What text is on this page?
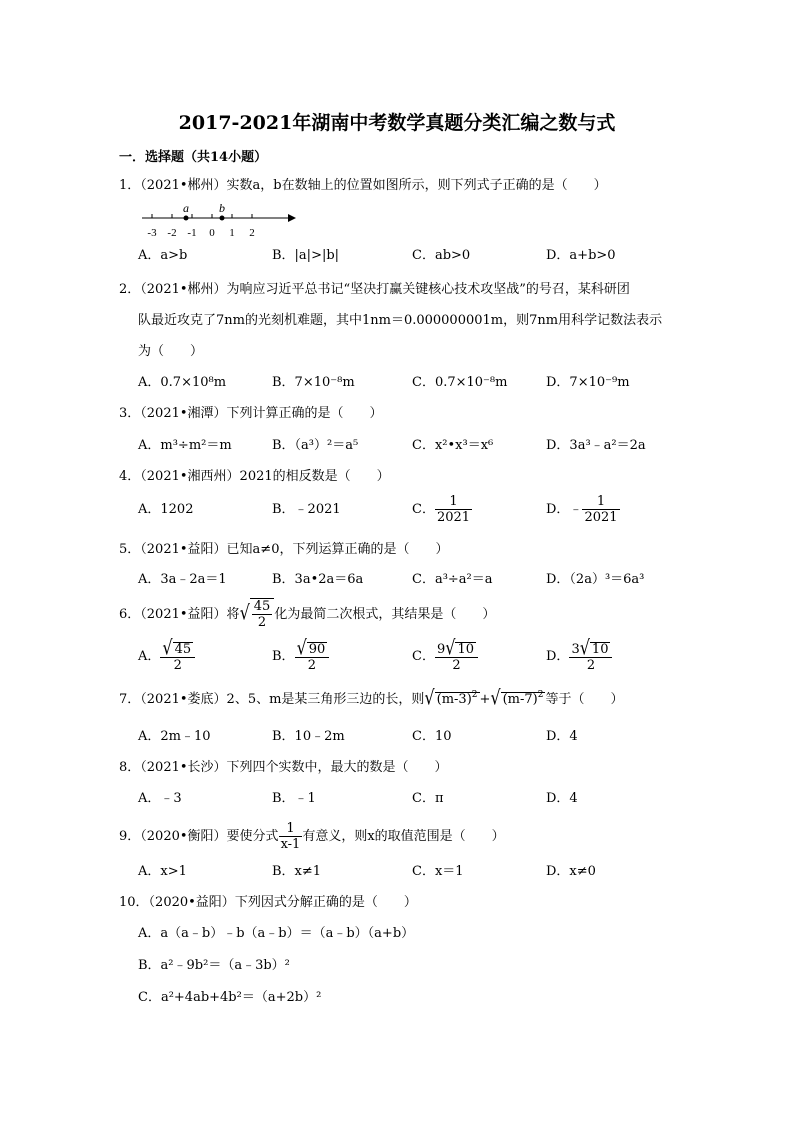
2017-2021年湖南中考数学真题分类汇编之数与式
一．选择题（共14小题）
1．（2021•郴州）实数a，b在数轴上的位置如图所示，则下列式子正确的是（　　）
-3 -2 -1 0 1 2
a	b
A．a>b	B．|a|>|b|	C．ab>0	D．a+b>0
2．（2021•郴州）为响应习近平总书记“坚决打赢关键核心技术攻坚战”的号召，某科研团
队最近攻克了7nm的光刻机难题，其中1nm＝0.000000001m，则7nm用科学记数法表示
为（　　）
A．0.7×10⁸m	B．7×10⁻⁸m	C．0.7×10⁻⁸m	D．7×10⁻⁹m
3．（2021•湘潭）下列计算正确的是（　　）
A．m³÷m²＝m	B．（a³）²＝a⁵	C．x²•x³＝x⁶	D．3a³﹣a²＝2a
4．（2021•湘西州）2021的相反数是（　　）
A．1202	B．﹣2021	C． $\frac{1}{2021}$	D．﹣ $\frac{1}{2021}$
5．（2021•益阳）已知a≠0，下列运算正确的是（　　）
A．3a﹣2a＝1	B．3a•2a＝6a	C．a³÷a²＝a	D．（2a）³＝6a³
6．（2021•益阳）将√ $\frac{45}{2}$ 化为最简二次根式，其结果是（　　）
A． $\frac{√ 45}{2}$	B． $\frac{√ 90}{2}$	C． $\frac{9√ 10}{2}$	D． $\frac{3√ 10}{2}$
7．（2021•娄底）2、5、m是某三角形三边的长，则√ $(m-3)^2$ +√ $(m-7)^2$ 等于（　　）
A．2m﹣10	B．10﹣2m	C．10	D．4
8．（2021•长沙）下列四个实数中，最大的数是（　　）
A．﹣3	B．﹣1	C．π	D．4
9．（2020•衡阳）要使分式 $\frac{1}{x-1}$ 有意义，则x的取值范围是（　　）
A．x>1	B．x≠1	C．x＝1	D．x≠0
10．（2020•益阳）下列因式分解正确的是（　　）
A．a（a﹣b）﹣b（a﹣b）＝（a﹣b）（a+b）
B．a²﹣9b²＝（a﹣3b）²
C．a²+4ab+4b²＝（a+2b）²
